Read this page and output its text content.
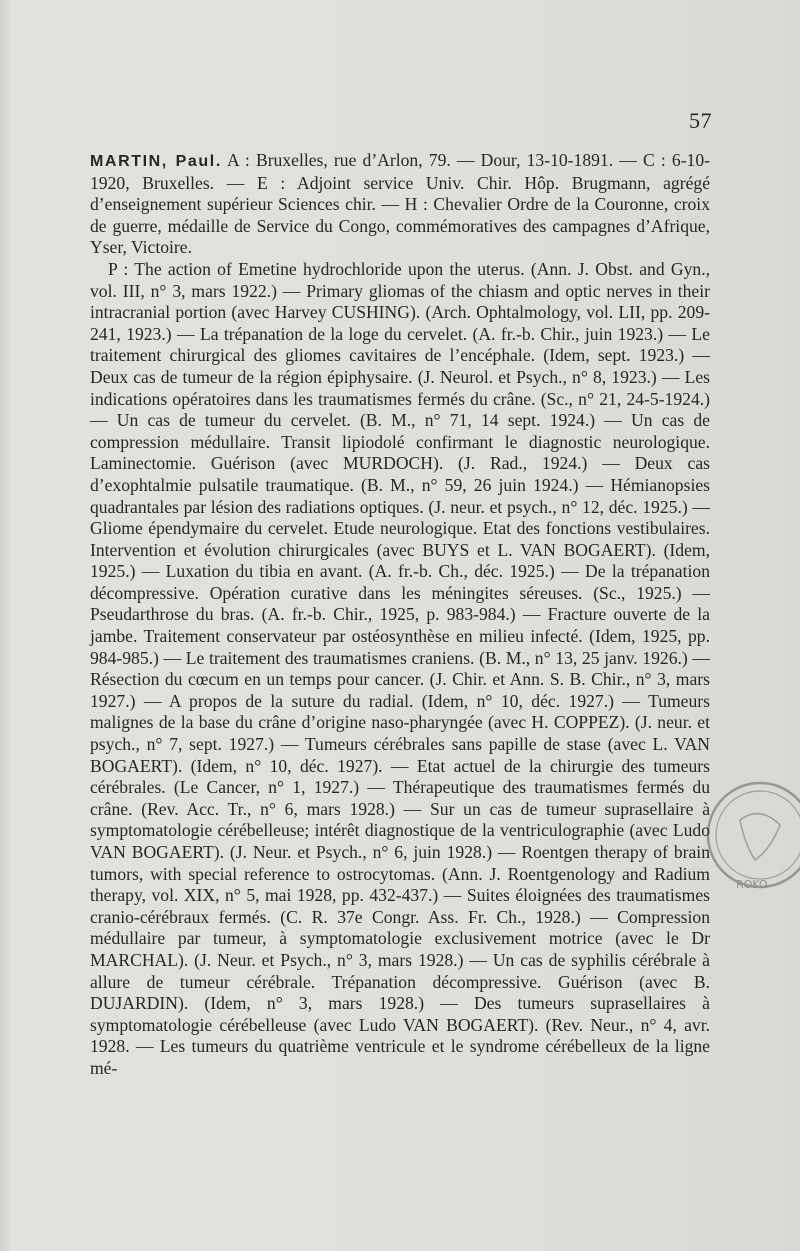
57

MARTIN, Paul. A : Bruxelles, rue d’Arlon, 79. — Dour, 13-10-1891. — C : 6-10-1920, Bruxelles. — E : Adjoint service Univ. Chir. Hôp. Brugmann, agrégé d’enseignement supérieur Sciences chir. — H : Chevalier Ordre de la Couronne, croix de guerre, médaille de Service du Congo, commémoratives des campagnes d’Afrique, Yser, Victoire.

P : The action of Emetine hydrochloride upon the uterus. (Ann. J. Obst. and Gyn., vol. III, n° 3, mars 1922.) — Primary gliomas of the chiasm and optic nerves in their intracranial portion (avec Harvey CUSHING). (Arch. Ophtalmology, vol. LII, pp. 209-241, 1923.) — La trépanation de la loge du cervelet. (A. fr.-b. Chir., juin 1923.) — Le traitement chirurgical des gliomes cavitaires de l’encéphale. (Idem, sept. 1923.) — Deux cas de tumeur de la région épiphysaire. (J. Neurol. et Psych., n° 8, 1923.) — Les indications opératoires dans les traumatismes fermés du crâne. (Sc., n° 21, 24-5-1924.) — Un cas de tumeur du cervelet. (B. M., n° 71, 14 sept. 1924.) — Un cas de compression médullaire. Transit lipiodolé confirmant le diagnostic neurologique. Laminectomie. Guérison (avec MURDOCH). (J. Rad., 1924.) — Deux cas d’exophtalmie pulsatile traumatique. (B. M., n° 59, 26 juin 1924.) — Hémianopsies quadrantales par lésion des radiations optiques. (J. neur. et psych., n° 12, déc. 1925.) — Gliome épendymaire du cervelet. Etude neurologique. Etat des fonctions vestibulaires. Intervention et évolution chirurgicales (avec BUYS et L. VAN BOGAERT). (Idem, 1925.) — Luxation du tibia en avant. (A. fr.-b. Ch., déc. 1925.) — De la trépanation décompressive. Opération curative dans les méningites séreuses. (Sc., 1925.) — Pseudarthrose du bras. (A. fr.-b. Chir., 1925, p. 983-984.) — Fracture ouverte de la jambe. Traitement conservateur par ostéosynthèse en milieu infecté. (Idem, 1925, pp. 984-985.) — Le traitement des traumatismes craniens. (B. M., n° 13, 25 janv. 1926.) — Résection du cœcum en un temps pour cancer. (J. Chir. et Ann. S. B. Chir., n° 3, mars 1927.) — A propos de la suture du radial. (Idem, n° 10, déc. 1927.) — Tumeurs malignes de la base du crâne d’origine naso-pharyngée (avec H. COPPEZ). (J. neur. et psych., n° 7, sept. 1927.) — Tumeurs cérébrales sans papille de stase (avec L. VAN BOGAERT). (Idem, n° 10, déc. 1927). — Etat actuel de la chirurgie des tumeurs cérébrales. (Le Cancer, n° 1, 1927.) — Thérapeutique des traumatismes fermés du crâne. (Rev. Acc. Tr., n° 6, mars 1928.) — Sur un cas de tumeur suprasellaire à symptomatologie cérébelleuse; intérêt diagnostique de la ventriculographie (avec Ludo VAN BOGAERT). (J. Neur. et Psych., n° 6, juin 1928.) — Roentgen therapy of brain tumors, with special reference to ostrocytomas. (Ann. J. Roentgenology and Radium therapy, vol. XIX, n° 5, mai 1928, pp. 432-437.) — Suites éloignées des traumatismes cranio-cérébraux fermés. (C. R. 37e Congr. Ass. Fr. Ch., 1928.) — Compression médullaire par tumeur, à symptomatologie exclusivement motrice (avec le Dr MARCHAL). (J. Neur. et Psych., n° 3, mars 1928.) — Un cas de syphilis cérébrale à allure de tumeur cérébrale. Trépanation décompressive. Guérison (avec B. DUJARDIN). (Idem, n° 3, mars 1928.) — Des tumeurs suprasellaires à symptomatologie cérébelleuse (avec Ludo VAN BOGAERT). (Rev. Neur., n° 4, avr. 1928. — Les tumeurs du quatrième ventricule et le syndrome cérébelleux de la ligne mé-

ROKO
